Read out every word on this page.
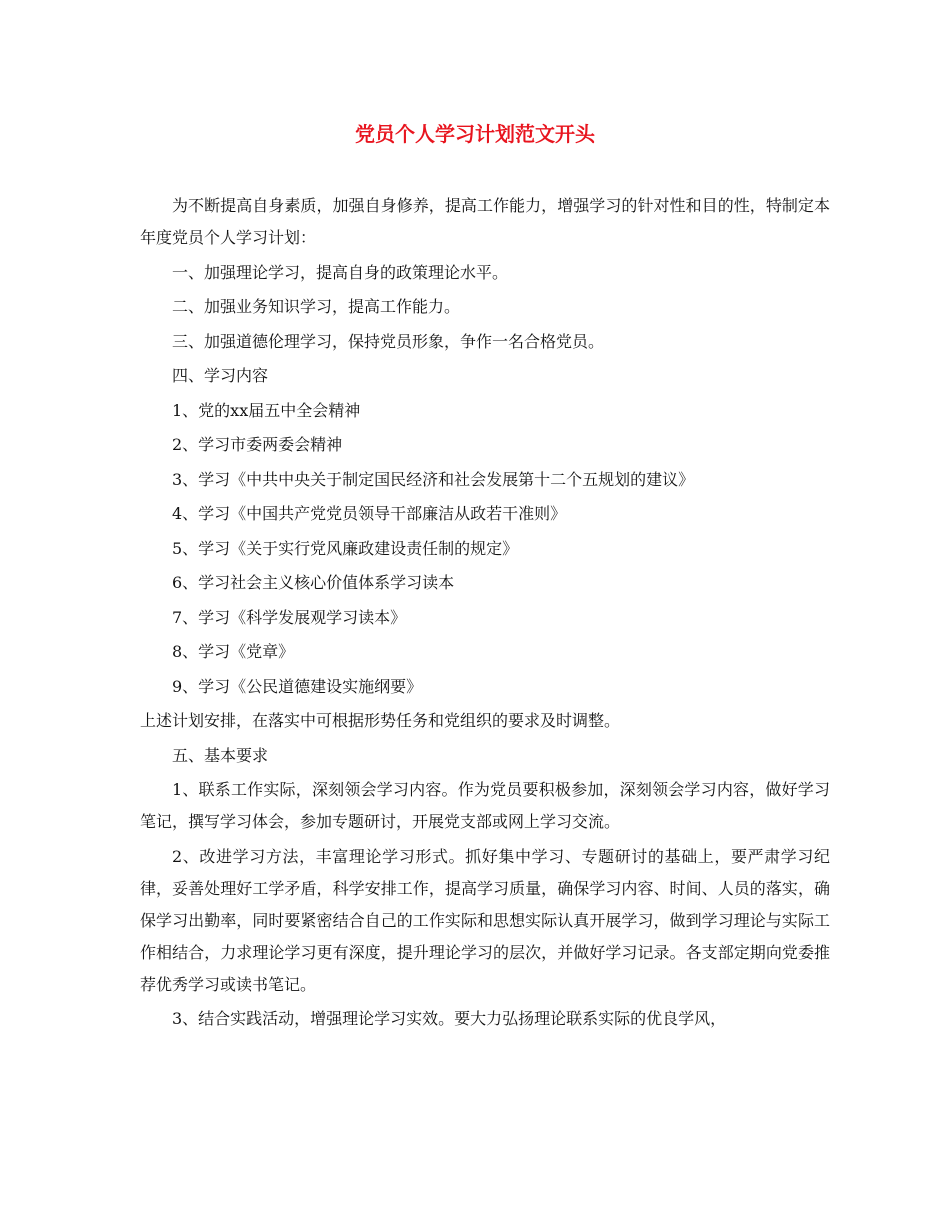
党员个人学习计划范文开头

为不断提高自身素质，加强自身修养，提高工作能力，增强学习的针对性和目的性，特制定本年度党员个人学习计划：

一、加强理论学习，提高自身的政策理论水平。

二、加强业务知识学习，提高工作能力。

三、加强道德伦理学习，保持党员形象，争作一名合格党员。

四、学习内容

1、党的xx届五中全会精神

2、学习市委两委会精神

3、学习《中共中央关于制定国民经济和社会发展第十二个五规划的建议》

4、学习《中国共产党党员领导干部廉洁从政若干准则》

5、学习《关于实行党风廉政建设责任制的规定》

6、学习社会主义核心价值体系学习读本

7、学习《科学发展观学习读本》

8、学习《党章》

9、学习《公民道德建设实施纲要》

上述计划安排，在落实中可根据形势任务和党组织的要求及时调整。

五、基本要求

1、联系工作实际，深刻领会学习内容。作为党员要积极参加，深刻领会学习内容，做好学习笔记，撰写学习体会，参加专题研讨，开展党支部或网上学习交流。

2、改进学习方法，丰富理论学习形式。抓好集中学习、专题研讨的基础上，要严肃学习纪律，妥善处理好工学矛盾，科学安排工作，提高学习质量，确保学习内容、时间、人员的落实，确保学习出勤率，同时要紧密结合自己的工作实际和思想实际认真开展学习，做到学习理论与实际工作相结合，力求理论学习更有深度，提升理论学习的层次，并做好学习记录。各支部定期向党委推荐优秀学习或读书笔记。

3、结合实践活动，增强理论学习实效。要大力弘扬理论联系实际的优良学风，
